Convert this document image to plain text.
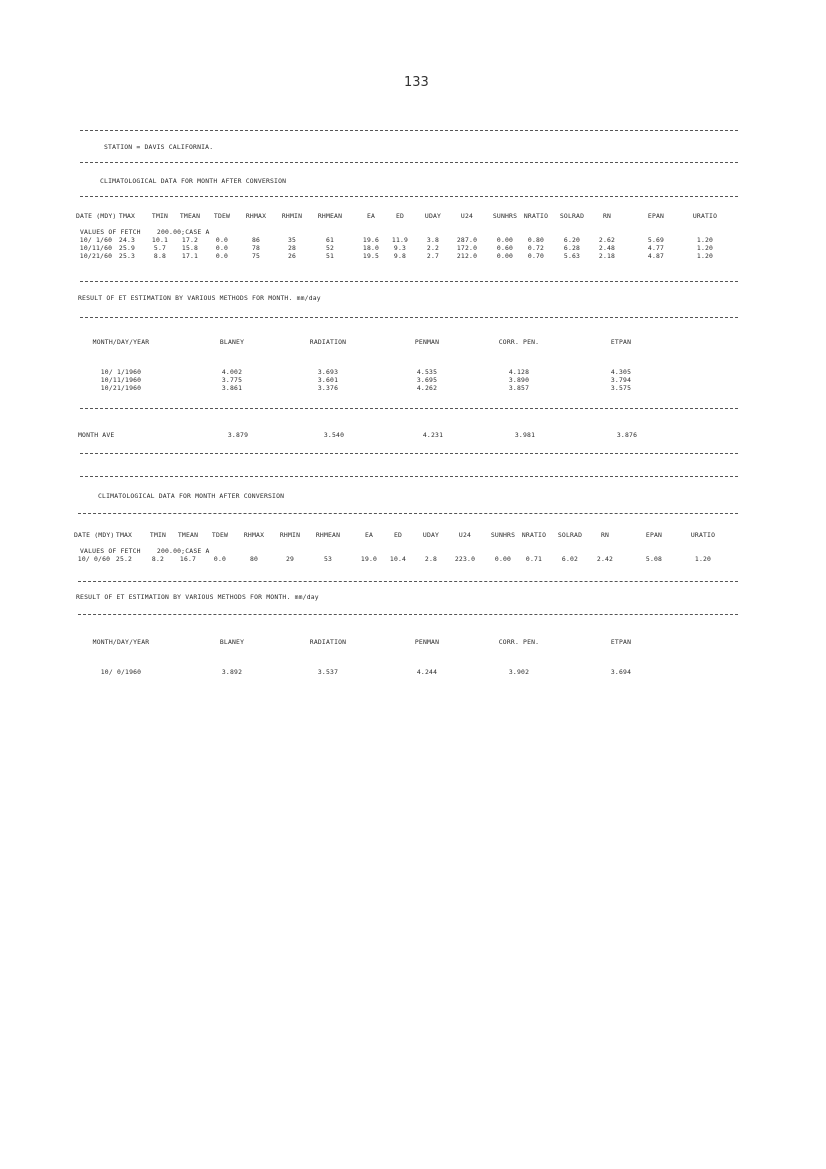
133
STATION = DAVIS CALIFORNIA.
CLIMATOLOGICAL DATA FOR MONTH AFTER CONVERSION
DATE (MDY) TMAX	TMIN	TMEAN	TDEW	RHMAX	RHMIN	RHMEAN	EA	ED	UDAY	U24	SUNHRS	NRATIO	SOLRAD	RN	EPAN	URATIO
VALUES OF FETCH    200.00;CASE A
10/ 1/60	24.3	10.1	17.2	0.0	86	35	61	19.6	11.9	3.8	287.0	0.00	0.80	6.20	2.62	5.69	1.20
10/11/60	25.9	5.7	15.8	0.0	78	28	52	18.0	9.3	2.2	172.0	0.60	0.72	6.28	2.48	4.77	1.20
10/21/60	25.3	8.8	17.1	0.0	75	26	51	19.5	9.8	2.7	212.0	0.00	0.70	5.63	2.18	4.87	1.20
RESULT OF ET ESTIMATION BY VARIOUS METHODS FOR MONTH. mm/day
MONTH/DAY/YEAR	BLANEY	RADIATION	PENMAN	CORR. PEN.	ETPAN
10/ 1/1960	4.002	3.693	4.535	4.128	4.305
10/11/1960	3.775	3.601	3.695	3.890	3.794
10/21/1960	3.861	3.376	4.262	3.857	3.575
MONTH AVE	3.879	3.540	4.231	3.981	3.876
CLIMATOLOGICAL DATA FOR MONTH AFTER CONVERSION
DATE (MDY) TMAX	TMIN	TMEAN	TDEW	RHMAX	RHMIN	RHMEAN	EA	ED	UDAY	U24	SUNHRS	NRATIO	SOLRAD	RN	EPAN	URATIO
VALUES OF FETCH    200.00;CASE A
10/ 0/60 25.2	8.2	16.7	0.0	80	29	53	19.0	10.4	2.8	223.0	0.00	0.71	6.02	2.42	5.08	1.20
RESULT OF ET ESTIMATION BY VARIOUS METHODS FOR MONTH. mm/day
MONTH/DAY/YEAR	BLANEY	RADIATION	PENMAN	CORR. PEN.	ETPAN
10/ 0/1960	3.892	3.537	4.244	3.902	3.694
